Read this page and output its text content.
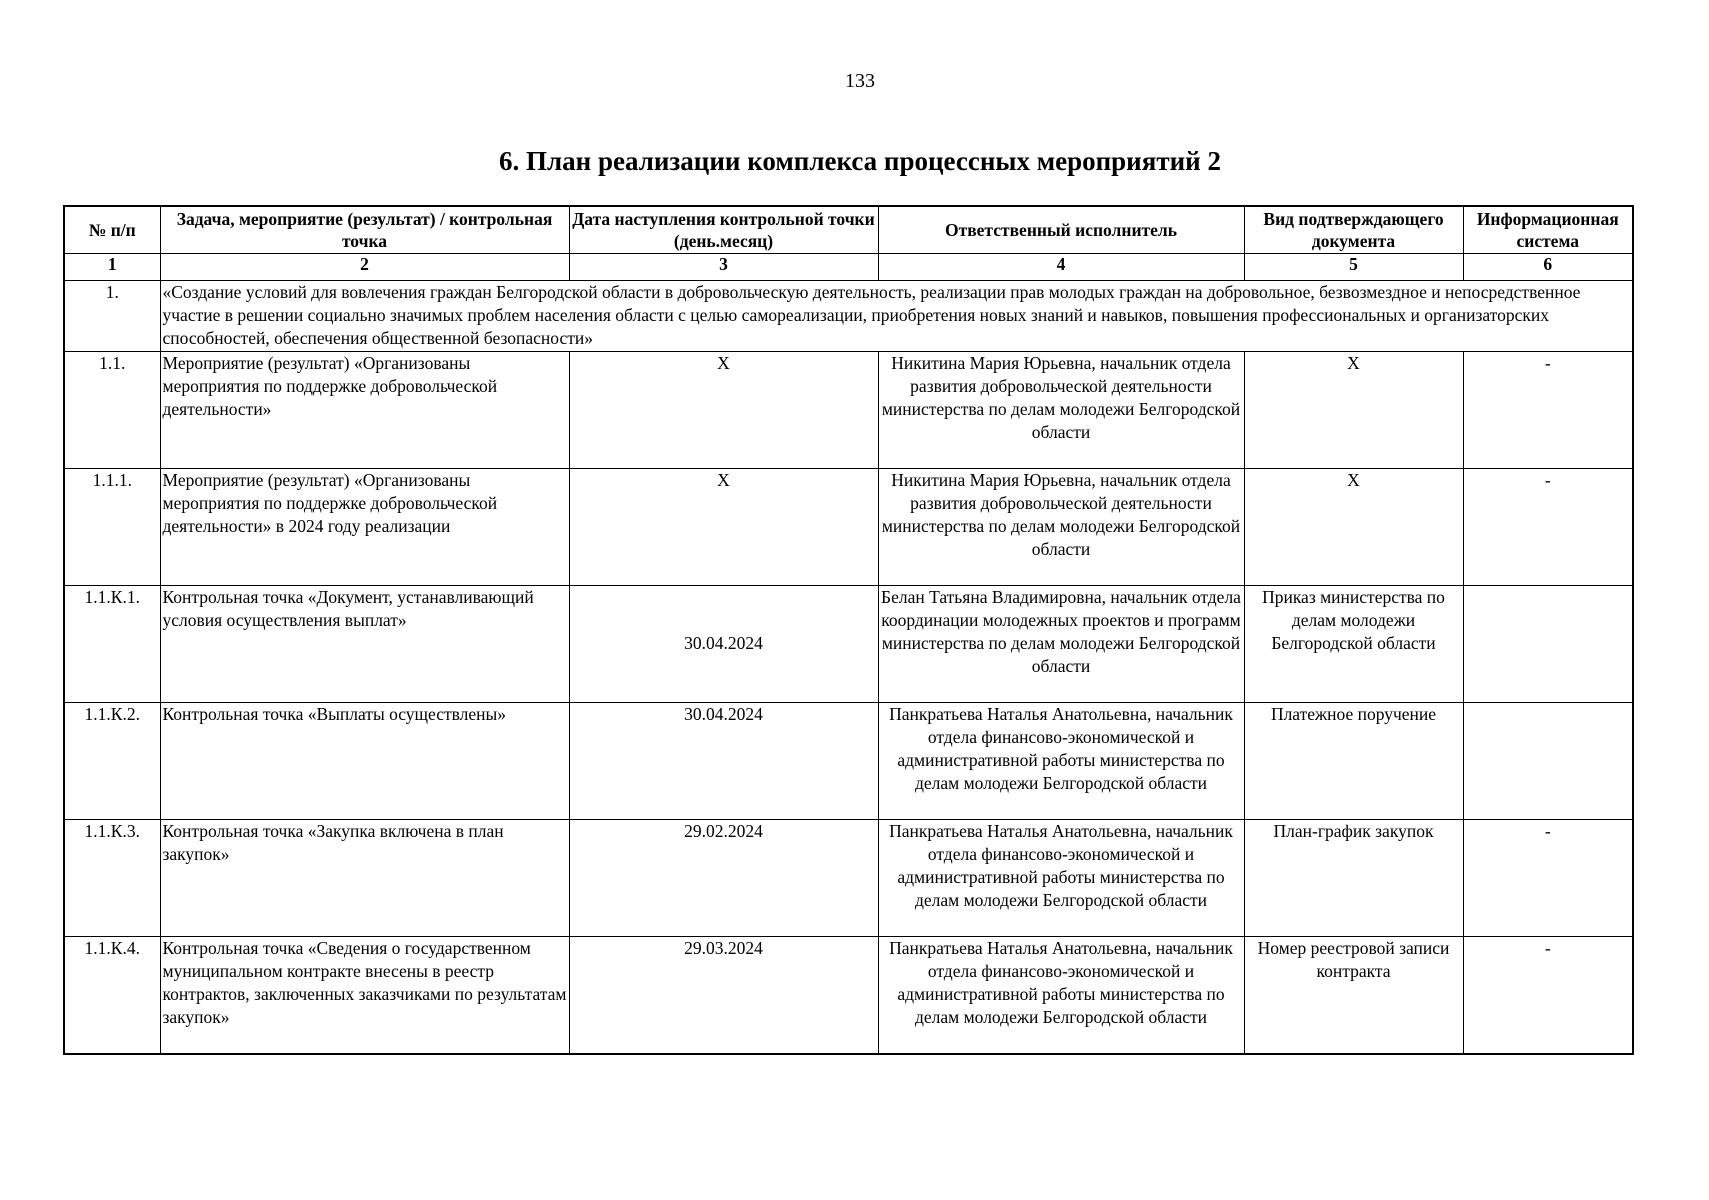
133
6. План реализации комплекса процессных мероприятий 2
№ п/п	Задача, мероприятие (результат) / контрольная точка	Дата наступления контрольной точки (день.месяц)	Ответственный исполнитель	Вид подтверждающего документа	Информационная система
1	2	3	4	5	6
1.	«Создание условий для вовлечения граждан Белгородской области в добровольческую деятельность, реализации прав молодых граждан на добровольное, безвозмездное и непосредственное участие в решении социально значимых проблем населения области с целью самореализации, приобретения новых знаний и навыков, повышения профессиональных и организаторских способностей, обеспечения общественной безопасности»				
1.1.	Мероприятие (результат) «Организованы мероприятия по поддержке добровольческой деятельности»	X	Никитина Мария Юрьевна, начальник отдела развития добровольческой деятельности министерства по делам молодежи Белгородской области	X	-
1.1.1.	Мероприятие (результат) «Организованы мероприятия по поддержке добровольческой деятельности» в 2024 году реализации	X	Никитина Мария Юрьевна, начальник отдела развития добровольческой деятельности министерства по делам молодежи Белгородской области	X	-
1.1.К.1.	Контрольная точка «Документ, устанавливающий условия осуществления выплат»	30.04.2024	Белан Татьяна Владимировна, начальник отдела координации молодежных проектов и программ министерства по делам молодежи Белгородской области	Приказ министерства по делам молодежи Белгородской области	
1.1.К.2.	Контрольная точка «Выплаты осуществлены»	30.04.2024	Панкратьева Наталья Анатольевна, начальник отдела финансово-экономической и административной работы министерства по делам молодежи Белгородской области	Платежное поручение	
1.1.К.3.	Контрольная точка «Закупка включена в план закупок»	29.02.2024	Панкратьева Наталья Анатольевна, начальник отдела финансово-экономической и административной работы министерства по делам молодежи Белгородской области	План-график закупок	-
1.1.К.4.	Контрольная точка «Сведения о государственном муниципальном контракте внесены в реестр контрактов, заключенных заказчиками по результатам закупок»	29.03.2024	Панкратьева Наталья Анатольевна, начальник отдела финансово-экономической и административной работы министерства по делам молодежи Белгородской области	Номер реестровой записи контракта	-
